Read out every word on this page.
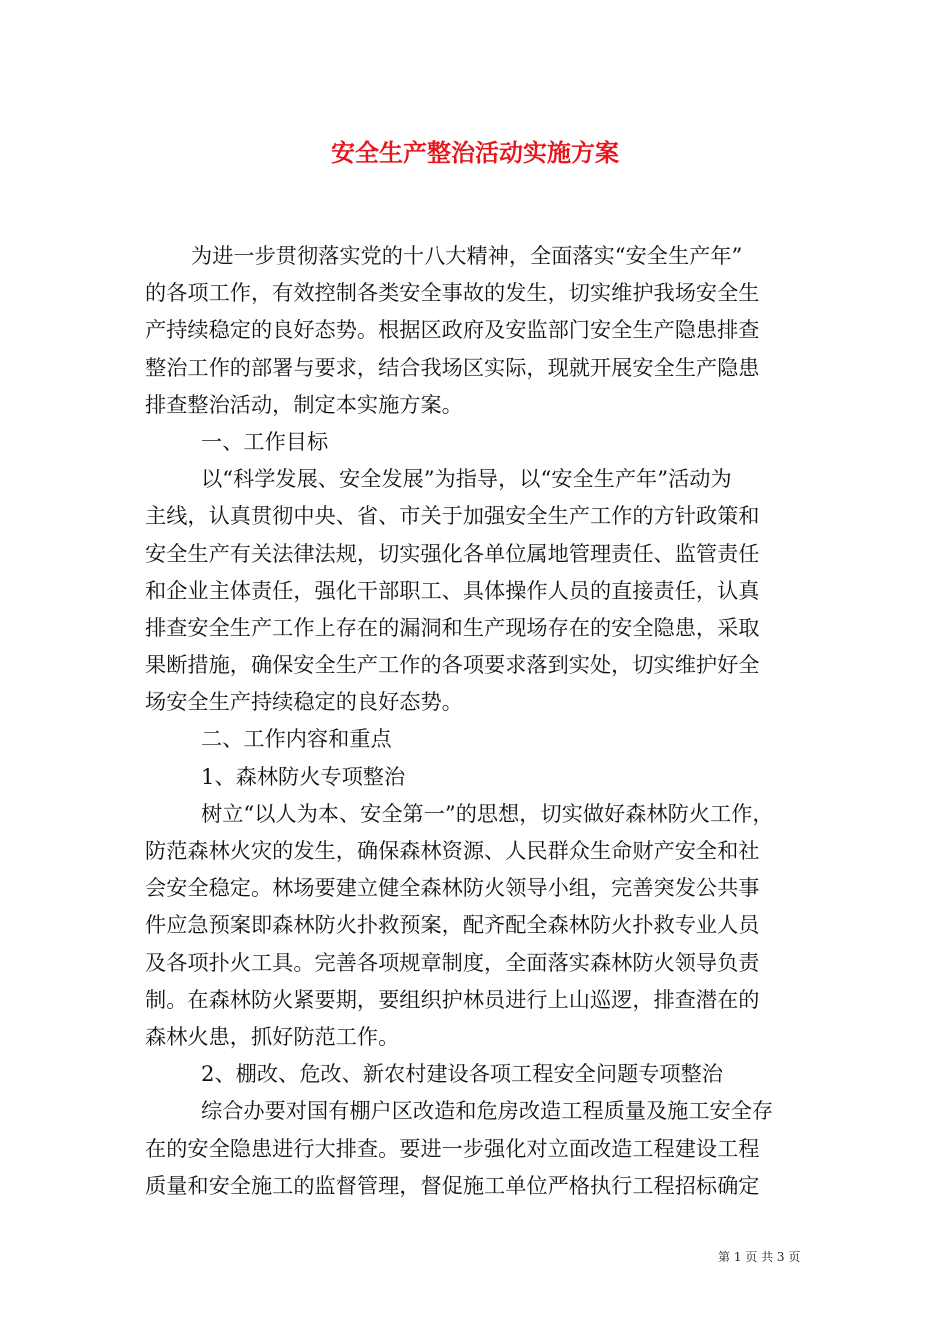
安全生产整治活动实施方案
为进一步贯彻落实党的十八大精神，全面落实“安全生产年”
的各项工作，有效控制各类安全事故的发生，切实维护我场安全生
产持续稳定的良好态势。根据区政府及安监部门安全生产隐患排查
整治工作的部署与要求，结合我场区实际，现就开展安全生产隐患
排查整治活动，制定本实施方案。
一、工作目标
以“科学发展、安全发展”为指导，以“安全生产年”活动为
主线，认真贯彻中央、省、市关于加强安全生产工作的方针政策和
安全生产有关法律法规，切实强化各单位属地管理责任、监管责任
和企业主体责任，强化干部职工、具体操作人员的直接责任，认真
排查安全生产工作上存在的漏洞和生产现场存在的安全隐患，采取
果断措施，确保安全生产工作的各项要求落到实处，切实维护好全
场安全生产持续稳定的良好态势。
二、工作内容和重点
1、森林防火专项整治
树立“以人为本、安全第一”的思想，切实做好森林防火工作，
防范森林火灾的发生，确保森林资源、人民群众生命财产安全和社
会安全稳定。林场要建立健全森林防火领导小组，完善突发公共事
件应急预案即森林防火扑救预案，配齐配全森林防火扑救专业人员
及各项扑火工具。完善各项规章制度，全面落实森林防火领导负责
制。在森林防火紧要期，要组织护林员进行上山巡逻，排查潜在的
森林火患，抓好防范工作。
2、棚改、危改、新农村建设各项工程安全问题专项整治
综合办要对国有棚户区改造和危房改造工程质量及施工安全存
在的安全隐患进行大排查。要进一步强化对立面改造工程建设工程
质量和安全施工的监督管理，督促施工单位严格执行工程招标确定
第 1 页 共 3 页
